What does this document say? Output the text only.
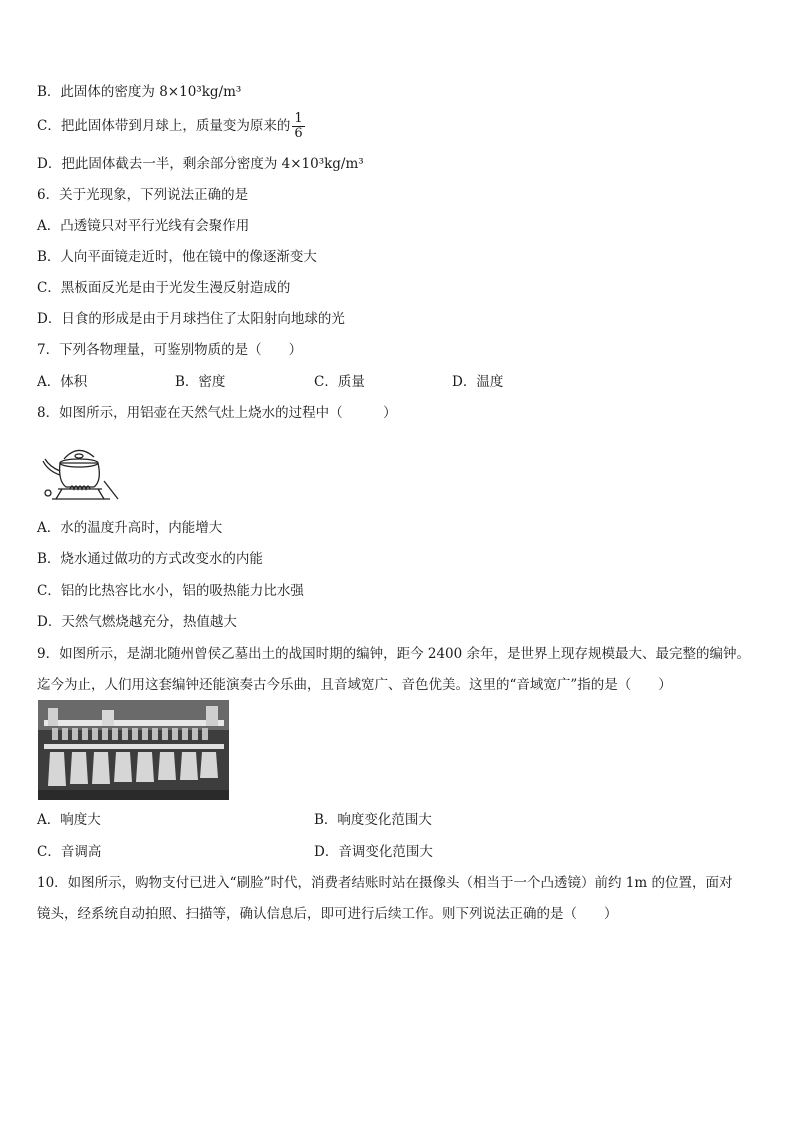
B．此固体的密度为 8×10³kg/m³
C．把此固体带到月球上，质量变为原来的 $\frac{1}{6}$
D．把此固体截去一半，剩余部分密度为 4×10³kg/m³
6．关于光现象，下列说法正确的是
A．凸透镜只对平行光线有会聚作用
B．人向平面镜走近时，他在镜中的像逐渐变大
C．黑板面反光是由于光发生漫反射造成的
D．日食的形成是由于月球挡住了太阳射向地球的光
7．下列各物理量，可鉴别物质的是（　　）
A．体积	B．密度	C．质量	D．温度
8．如图所示，用铝壶在天然气灶上烧水的过程中（　　　）
A．水的温度升高时，内能增大
B．烧水通过做功的方式改变水的内能
C．铝的比热容比水小，铝的吸热能力比水强
D．天然气燃烧越充分，热值越大
9．如图所示，是湖北随州曾侯乙墓出土的战国时期的编钟，距今 2400 余年，是世界上现存规模最大、最完整的编钟。
迄今为止，人们用这套编钟还能演奏古今乐曲，且音域宽广、音色优美。这里的“音域宽广”指的是（　　）
A．响度大	B．响度变化范围大
C．音调高	D．音调变化范围大
10．如图所示，购物支付已进入“刷脸”时代，消费者结账时站在摄像头（相当于一个凸透镜）前约 1m 的位置，面对
镜头，经系统自动拍照、扫描等，确认信息后，即可进行后续工作。则下列说法正确的是（　　）
